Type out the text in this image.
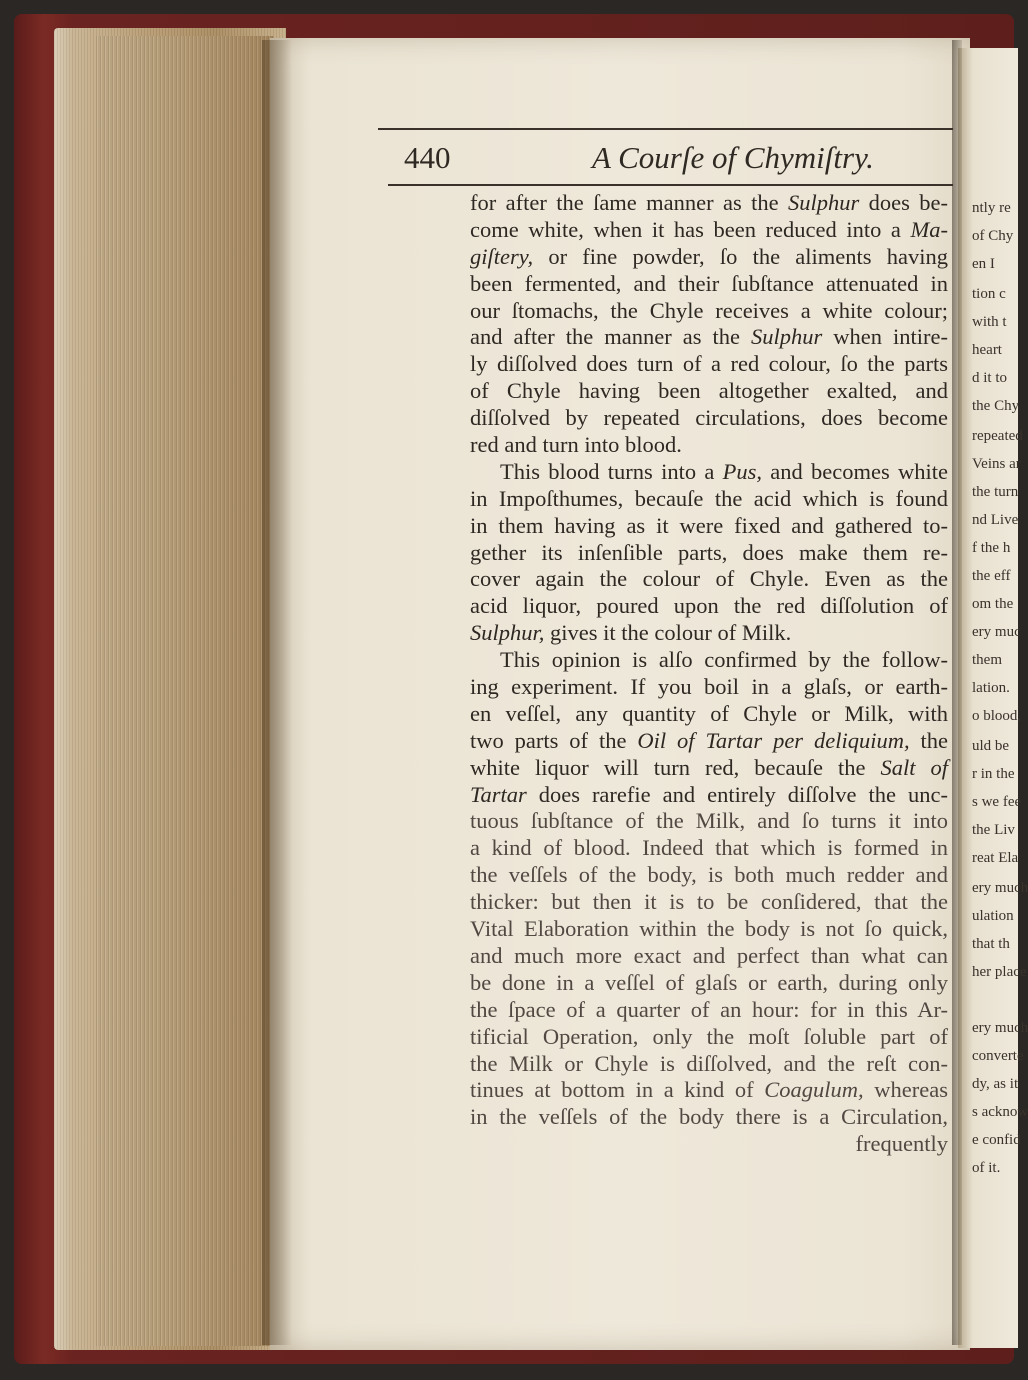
ntly re
of Chy
en I
tion c
with t
heart
d it to
the Chy
repeated
Veins ar
the turn
nd Live
f the h
the eff
om the
ery muc
them
lation.
o blood,
uld be
r in the
s we fee
the Liv
reat Ela
ery much
ulation
that th
her place
ery much
converte
dy, as it
s acknow
e confid
of it.
440	A Courſe of Chymiſtry.
for after the ſame manner as the Sulphur does be-
come white, when it has been reduced into a Ma-
giſtery, or fine powder, ſo the aliments having
been fermented, and their ſubſtance attenuated in
our ſtomachs, the Chyle receives a white colour;
and after the manner as the Sulphur when intire-
ly diſſolved does turn of a red colour, ſo the parts
of Chyle having been altogether exalted, and
diſſolved by repeated circulations, does become
red and turn into blood.
This blood turns into a Pus, and becomes white
in Impoſthumes, becauſe the acid which is found
in them having as it were fixed and gathered to-
gether its inſenſible parts, does make them re-
cover again the colour of Chyle. Even as the
acid liquor, poured upon the red diſſolution of
Sulphur, gives it the colour of Milk.
This opinion is alſo confirmed by the follow-
ing experiment. If you boil in a glaſs, or earth-
en veſſel, any quantity of Chyle or Milk, with
two parts of the Oil of Tartar per deliquium, the
white liquor will turn red, becauſe the Salt of
Tartar does rarefie and entirely diſſolve the unc-
tuous ſubſtance of the Milk, and ſo turns it into
a kind of blood. Indeed that which is formed in
the veſſels of the body, is both much redder and
thicker: but then it is to be conſidered, that the
Vital Elaboration within the body is not ſo quick,
and much more exact and perfect than what can
be done in a veſſel of glaſs or earth, during only
the ſpace of a quarter of an hour: for in this Ar-
tificial Operation, only the moſt ſoluble part of
the Milk or Chyle is diſſolved, and the reſt con-
tinues at bottom in a kind of Coagulum, whereas
in the veſſels of the body there is a Circulation,
frequently
